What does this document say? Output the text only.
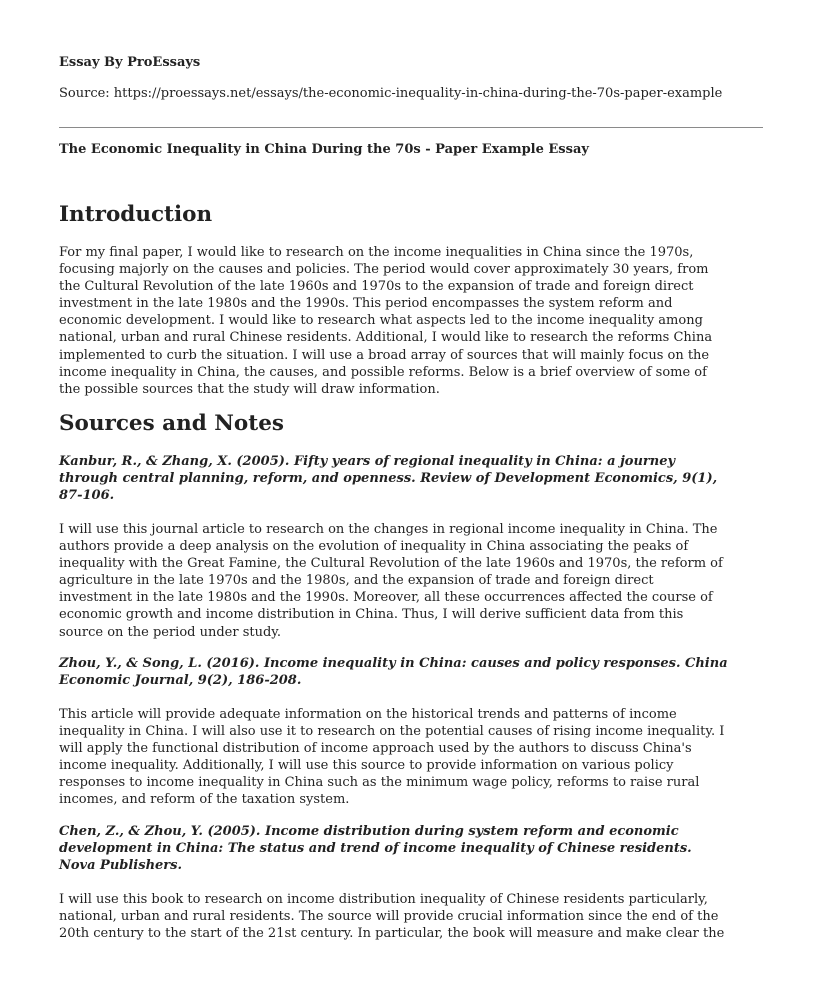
Essay By ProEssays
Source: https://proessays.net/essays/the-economic-inequality-in-china-during-the-70s-paper-example
The Economic Inequality in China During the 70s - Paper Example Essay
Introduction

For my final paper, I would like to research on the income inequalities in China since the 1970s,
focusing majorly on the causes and policies. The period would cover approximately 30 years, from
the Cultural Revolution of the late 1960s and 1970s to the expansion of trade and foreign direct
investment in the late 1980s and the 1990s. This period encompasses the system reform and
economic development. I would like to research what aspects led to the income inequality among
national, urban and rural Chinese residents. Additional, I would like to research the reforms China
implemented to curb the situation. I will use a broad array of sources that will mainly focus on the
income inequality in China, the causes, and possible reforms. Below is a brief overview of some of
the possible sources that the study will draw information.

Sources and Notes

Kanbur, R., & Zhang, X. (2005). Fifty years of regional inequality in China: a journey
through central planning, reform, and openness. Review of Development Economics, 9(1),
87-106.

I will use this journal article to research on the changes in regional income inequality in China. The
authors provide a deep analysis on the evolution of inequality in China associating the peaks of
inequality with the Great Famine, the Cultural Revolution of the late 1960s and 1970s, the reform of
agriculture in the late 1970s and the 1980s, and the expansion of trade and foreign direct
investment in the late 1980s and the 1990s. Moreover, all these occurrences affected the course of
economic growth and income distribution in China. Thus, I will derive sufficient data from this
source on the period under study.

Zhou, Y., & Song, L. (2016). Income inequality in China: causes and policy responses. China
Economic Journal, 9(2), 186-208.

This article will provide adequate information on the historical trends and patterns of income
inequality in China. I will also use it to research on the potential causes of rising income inequality. I
will apply the functional distribution of income approach used by the authors to discuss China's
income inequality. Additionally, I will use this source to provide information on various policy
responses to income inequality in China such as the minimum wage policy, reforms to raise rural
incomes, and reform of the taxation system.

Chen, Z., & Zhou, Y. (2005). Income distribution during system reform and economic
development in China: The status and trend of income inequality of Chinese residents.
Nova Publishers.

I will use this book to research on income distribution inequality of Chinese residents particularly,
national, urban and rural residents. The source will provide crucial information since the end of the
20th century to the start of the 21st century. In particular, the book will measure and make clear the
